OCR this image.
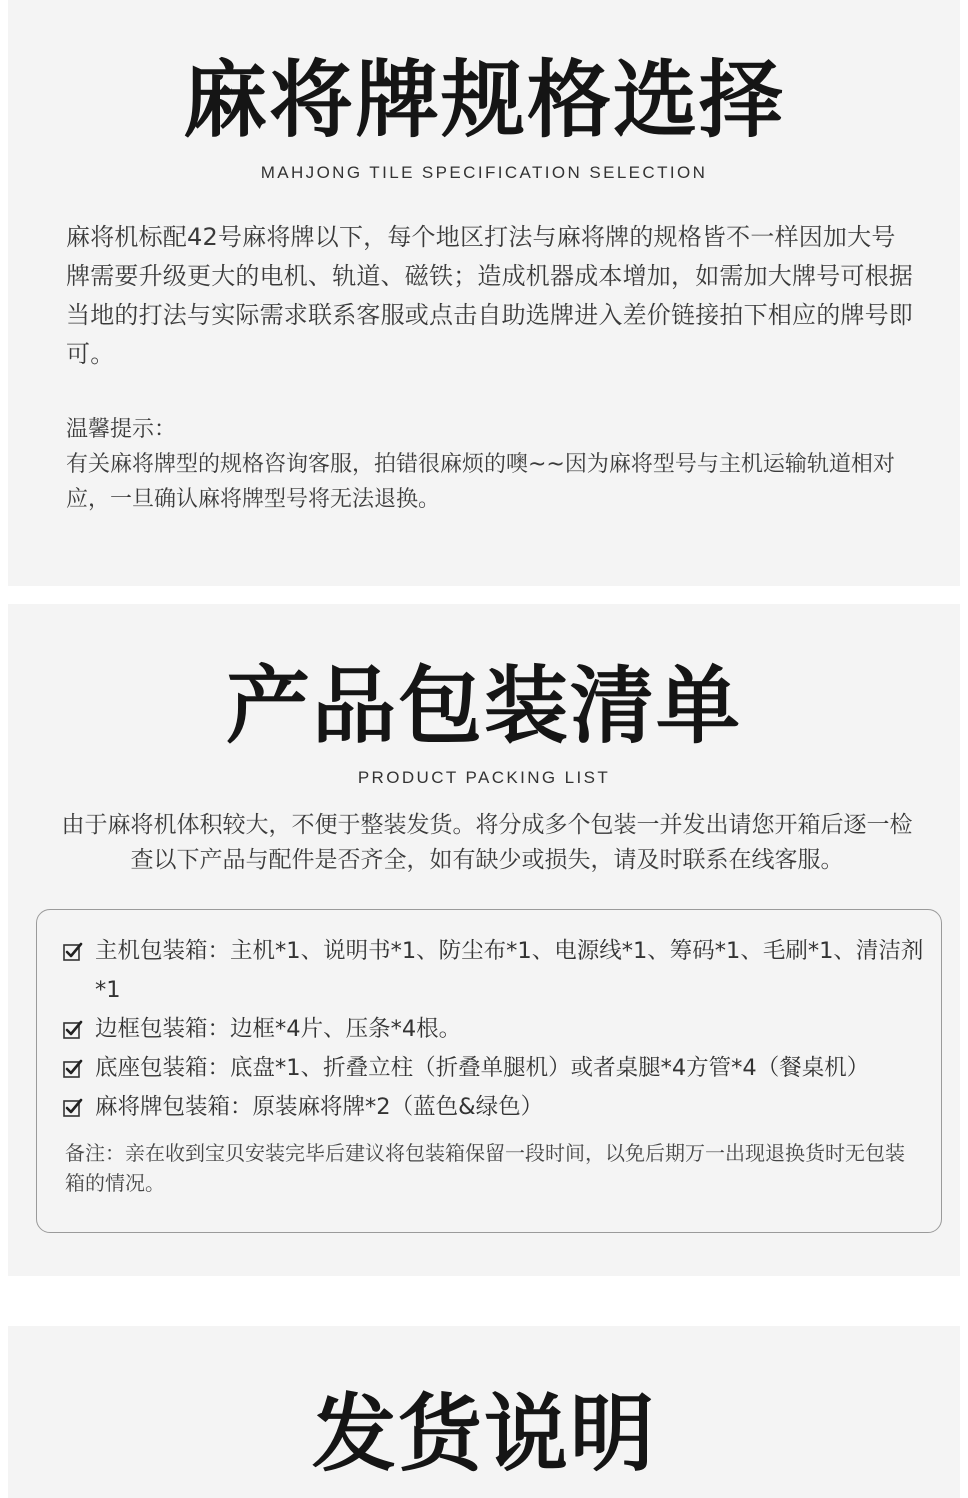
麻将牌规格选择
MAHJONG TILE SPECIFICATION SELECTION
麻将机标配42号麻将牌以下，每个地区打法与麻将牌的规格皆不一样因加大号牌需要升级更大的电机、轨道、磁铁；造成机器成本增加，如需加大牌号可根据当地的打法与实际需求联系客服或点击自助选牌进入差价链接拍下相应的牌号即可。
温馨提示：
有关麻将牌型的规格咨询客服，拍错很麻烦的噢~~因为麻将型号与主机运输轨道相对应，一旦确认麻将牌型号将无法退换。
产品包装清单
PRODUCT PACKING LIST
由于麻将机体积较大，不便于整装发货。将分成多个包装一并发出请您开箱后逐一检查以下产品与配件是否齐全，如有缺少或损失，请及时联系在线客服。
主机包装箱：主机*1、说明书*1、防尘布*1、电源线*1、筹码*1、毛刷*1、清洁剂*1
边框包装箱：边框*4片、压条*4根。
底座包装箱：底盘*1、折叠立柱（折叠单腿机）或者桌腿*4方管*4（餐桌机）
麻将牌包装箱：原装麻将牌*2（蓝色&绿色）
备注：亲在收到宝贝安装完毕后建议将包装箱保留一段时间，以免后期万一出现退换货时无包装箱的情况。
发货说明
